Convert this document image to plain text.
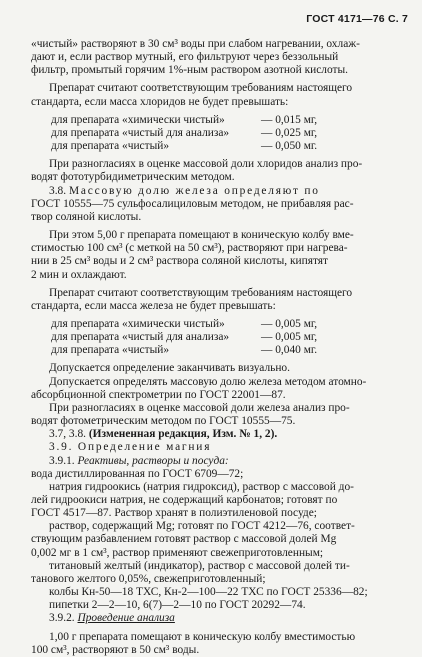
ГОСТ 4171—76 С. 7

«чистый» растворяют в 30 см³ воды при слабом нагревании, охлаж-

дают и, если раствор мутный, его фильтруют через беззольный

фильтр, промытый горячим 1%-ным раствором азотной кислоты.

Препарат считают соответствующим требованиям настоящего

стандарта, если масса хлоридов не будет превышать:

для препарата «химически чистый»	— 0,015 мг,
для препарата «чистый для анализа»	— 0,025 мг,
для препарата «чистый»	— 0,050 мг.

При разногласиях в оценке массовой доли хлоридов анализ про-

водят фототурбидиметрическим методом.

3.8. Массовую долю железа определяют по

ГОСТ 10555—75 сульфосалициловым методом, не прибавляя рас-

твор соляной кислоты.

При этом 5,00 г препарата помещают в коническую колбу вме-

стимостью 100 см³ (с меткой на 50 см³), растворяют при нагрева-

нии в 25 см³ воды и 2 см³ раствора соляной кислоты, кипятят

2 мин и охлаждают.

Препарат считают соответствующим требованиям настоящего

стандарта, если масса железа не будет превышать:

для препарата «химически чистый»	— 0,005 мг,
для препарата «чистый для анализа»	— 0,005 мг,
для препарата «чистый»	— 0,040 мг.

Допускается определение заканчивать визуально.

Допускается определять массовую долю железа методом атомно-

абсорбционной спектрометрии по ГОСТ 22001—87.

При разногласиях в оценке массовой доли железа анализ про-

водят фотометрическим методом по ГОСТ 10555—75.

3.7, 3.8. (Измененная редакция, Изм. № 1, 2).

3.9. Определение магния

3.9.1. Реактивы, растворы и посуда:

вода дистиллированная по ГОСТ 6709—72;

натрия гидроокись (натрия гидроксид), раствор с массовой до-

лей гидроокиси натрия, не содержащий карбонатов; готовят по

ГОСТ 4517—87. Раствор хранят в полиэтиленовой посуде;

раствор, содержащий Mg; готовят по ГОСТ 4212—76, соответ-

ствующим разбавлением готовят раствор с массовой долей Mg

0,002 мг в 1 см³, раствор применяют свежеприготовленным;

титановый желтый (индикатор), раствор с массовой долей ти-

танового желтого 0,05%, свежеприготовленный;

колбы Кн-50—18 ТХС, Кн-2—100—22 ТХС по ГОСТ 25336—82;

пипетки 2—2—10, 6(7)—2—10 по ГОСТ 20292—74.

3.9.2. Проведение анализа

1,00 г препарата помещают в коническую колбу вместимостью

100 см³, растворяют в 50 см³ воды.
